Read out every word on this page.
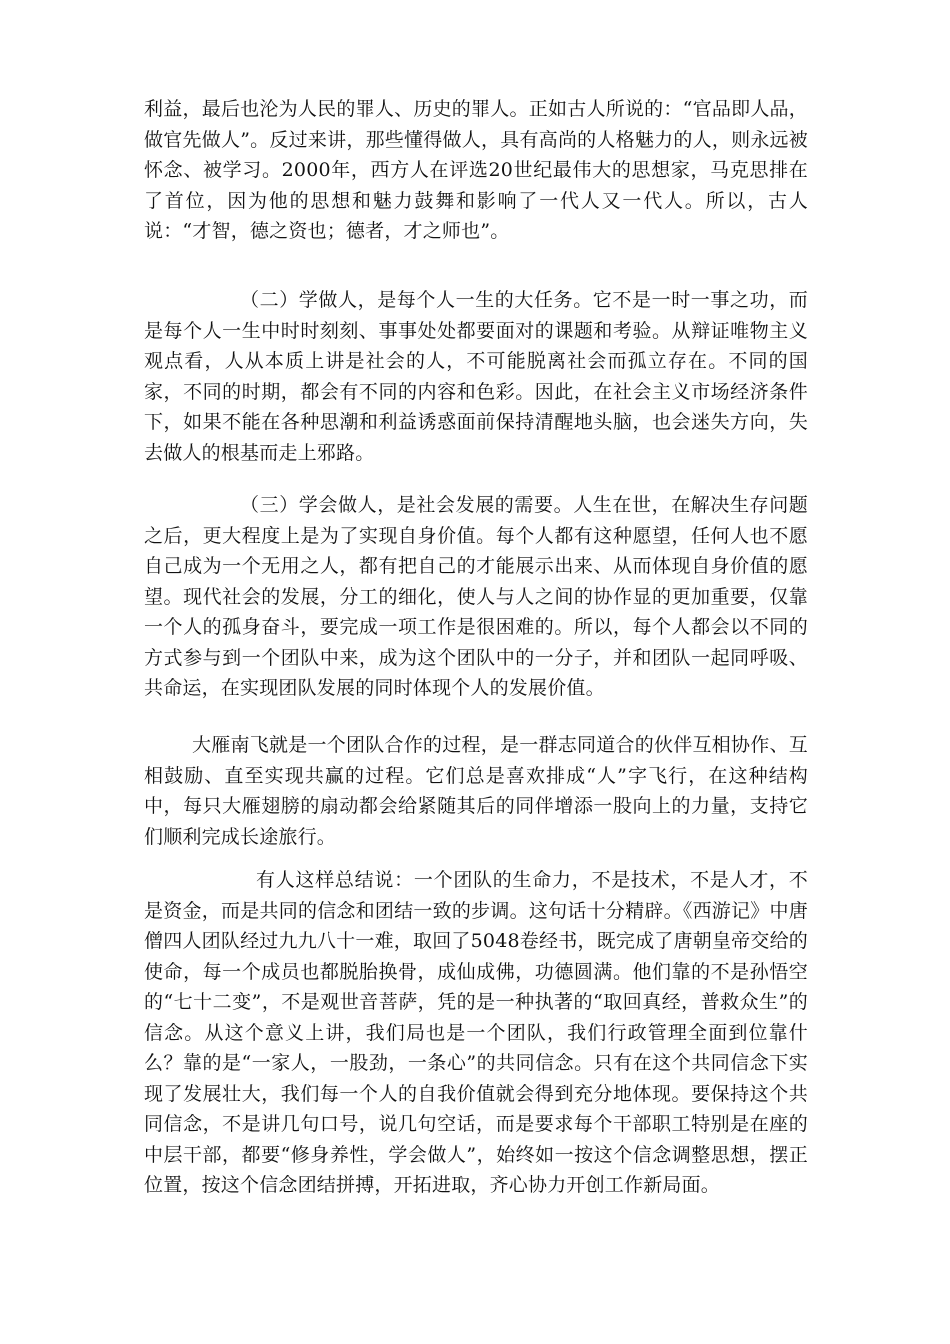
利益，最后也沦为人民的罪人、历史的罪人。正如古人所说的：“官品即人品，做官先做人”。反过来讲，那些懂得做人，具有高尚的人格魅力的人，则永远被怀念、被学习。2000年，西方人在评选20世纪最伟大的思想家，马克思排在了首位，因为他的思想和魅力鼓舞和影响了一代人又一代人。所以，古人说：“才智，德之资也；德者，才之师也”。

（二）学做人，是每个人一生的大任务。它不是一时一事之功，而是每个人一生中时时刻刻、事事处处都要面对的课题和考验。从辩证唯物主义观点看，人从本质上讲是社会的人，不可能脱离社会而孤立存在。不同的国家，不同的时期，都会有不同的内容和色彩。因此，在社会主义市场经济条件下，如果不能在各种思潮和利益诱惑面前保持清醒地头脑，也会迷失方向，失去做人的根基而走上邪路。

（三）学会做人，是社会发展的需要。人生在世，在解决生存问题之后，更大程度上是为了实现自身价值。每个人都有这种愿望，任何人也不愿自己成为一个无用之人，都有把自己的才能展示出来、从而体现自身价值的愿望。现代社会的发展，分工的细化，使人与人之间的协作显的更加重要，仅靠一个人的孤身奋斗，要完成一项工作是很困难的。所以，每个人都会以不同的方式参与到一个团队中来，成为这个团队中的一分子，并和团队一起同呼吸、共命运，在实现团队发展的同时体现个人的发展价值。

大雁南飞就是一个团队合作的过程，是一群志同道合的伙伴互相协作、互相鼓励、直至实现共赢的过程。它们总是喜欢排成“人”字飞行，在这种结构中，每只大雁翅膀的扇动都会给紧随其后的同伴增添一股向上的力量，支持它们顺利完成长途旅行。

有人这样总结说：一个团队的生命力，不是技术，不是人才，不是资金，而是共同的信念和团结一致的步调。这句话十分精辟。《西游记》中唐僧四人团队经过九九八十一难，取回了5048卷经书，既完成了唐朝皇帝交给的使命，每一个成员也都脱胎换骨，成仙成佛，功德圆满。他们靠的不是孙悟空的“七十二变”，不是观世音菩萨，凭的是一种执著的“取回真经，普救众生”的信念。从这个意义上讲，我们局也是一个团队，我们行政管理全面到位靠什么？靠的是“一家人，一股劲，一条心”的共同信念。只有在这个共同信念下实现了发展壮大，我们每一个人的自我价值就会得到充分地体现。要保持这个共同信念，不是讲几句口号，说几句空话，而是要求每个干部职工特别是在座的中层干部，都要“修身养性，学会做人”，始终如一按这个信念调整思想，摆正位置，按这个信念团结拼搏，开拓进取，齐心协力开创工作新局面。
